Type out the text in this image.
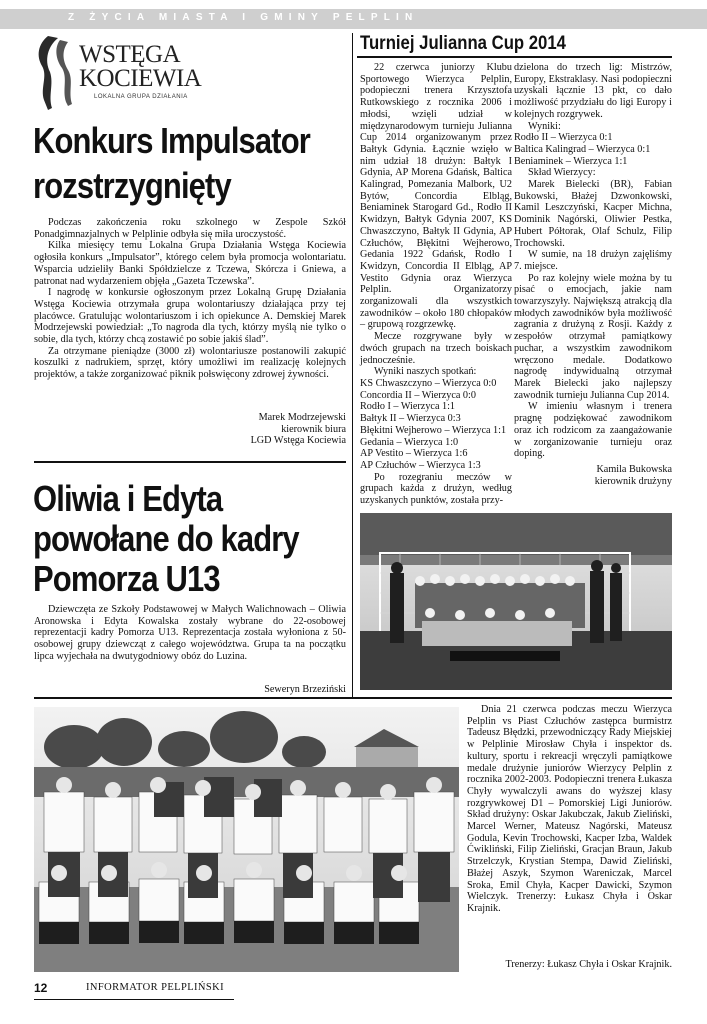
Z ŻYCIA MIASTA I GMINY PELPLIN
WSTĘGA
KOCIEWIA
LOKALNA GRUPA DZIAŁANIA
Konkurs Impulsator
rozstrzygnięty

Podczas zakończenia roku szkolnego w Zespole Szkół Ponadgimnazjalnych w Pelplinie odbyła się miła uroczystość.

Kilka miesięcy temu Lokalna Grupa Działania Wstęga Kociewia ogłosiła konkurs „Impulsator”, którego celem była promocja wolontariatu. Wsparcia udzieliły Banki Spółdzielcze z Tczewa, Skórcza i Gniewa, a patronat nad wydarzeniem objęła „Gazeta Tczewska”.

I nagrodę w konkursie ogłoszonym przez Lokalną Grupę Działania Wstęga Kociewia otrzymała grupa wolontariuszy działająca przy tej placówce. Gratulując wolontariuszom i ich opiekunce A. Demskiej Marek Modrzejewski powiedział: „To nagroda dla tych, którzy myślą nie tylko o sobie, dla tych, którzy chcą zostawić po sobie jakiś ślad”.

Za otrzymane pieniądze (3000 zł) wolontariusze postanowili zakupić koszulki z nadrukiem, sprzęt, który umożliwi im realizację kolejnych projektów, a także zorganizować piknik połswięcony zdrowej żywności.

Marek Modrzejewski
kierownik biura
LGD Wstęga Kociewia
Oliwia i Edyta
powołane do kadry
Pomorza U13

Dziewczęta ze Szkoły Podstawowej w Małych Walichnowach – Oliwia Aronowska i Edyta Kowalska zostały wybrane do 22-osobowej reprezentacji kadry Pomorza U13. Reprezentacja została wyłoniona z 50-osobowej grupy dziewcząt z całego województwa. Grupa ta na początku lipca wyjechała na dwutygodniowy obóz do Luzina.

Seweryn Brzeziński
Turniej Julianna Cup 2014

22 czerwca juniorzy Klubu Sportowego Wierzyca Pelplin, podopieczni trenera Krzysztofa Rutkowskiego z rocznika 2006 i młodsi, wzięli udział w międzynarodowym turnieju Julianna Cup 2014 organizowanym przez Bałtyk Gdynia. Łącznie wzięło w nim udział 18 drużyn: Bałtyk I Gdynia, AP Morena Gdańsk, Baltica Kalingrad, Pomezania Malbork, U2 Bytów, Concordia Elbląg, Beniaminek Starogard Gd., Rodło II Kwidzyn, Bałtyk Gdynia 2007, KS Chwaszczyno, Bałtyk II Gdynia, AP Człuchów, Błękitni Wejherowo, Gedania 1922 Gdańsk, Rodło I Kwidzyn, Concordia II Elbląg, AP Vestito Gdynia oraz Wierzyca Pelplin. Organizatorzy zorganizowali dla wszystkich zawodników – około 180 chłopaków – grupową rozgrzewkę.

Mecze rozgrywane były w dwóch grupach na trzech boiskach jednocześnie.

Wyniki naszych spotkań:

KS Chwaszczyno – Wierzyca 0:0
Concordia II – Wierzyca 0:0
Rodło I – Wierzyca 1:1
Bałtyk II – Wierzyca 0:3
Błękitni Wejherowo – Wierzyca 1:1
Gedania – Wierzyca 1:0
AP Vestito – Wierzyca 1:6
AP Człuchów – Wierzyca 1:3

Po rozegraniu meczów w grupach każda z drużyn, według uzyskanych punktów, została przy-

dzielona do trzech lig: Mistrzów, Europy, Ekstraklasy. Nasi podopieczni uzyskali łącznie 13 pkt, co dało możliwość przydziału do ligi Europy i kolejnych rozgrywek.

Wyniki:

Rodło II – Wierzyca 0:1
Baltica Kalingrad – Wierzyca 0:1
Beniaminek – Wierzyca 1:1

Skład Wierzycy:

Marek Bielecki (BR), Fabian Bukowski, Błażej Dzwonkowski, Kamil Leszczyński, Kacper Michna, Dominik Nagórski, Oliwier Pestka, Hubert Półtorak, Olaf Schulz, Filip Trochowski.

W sumie, na 18 drużyn zajęliśmy 7. miejsce.

Po raz kolejny wiele można by tu pisać o emocjach, jakie nam towarzyszyły. Największą atrakcją dla młodych zawodników była możliwość zagrania z drużyną z Rosji. Każdy z zespołów otrzymał pamiątkowy puchar, a wszystkim zawodnikom wręczono medale. Dodatkowo nagrodę indywidualną otrzymał Marek Bielecki jako najlepszy zawodnik turnieju Julianna Cup 2014.

W imieniu własnym i trenera pragnę podziękować zawodnikom oraz ich rodzicom za zaangażowanie w zorganizowanie turnieju oraz doping.

Kamila Bukowska
kierownik drużyny

Dnia 21 czerwca podczas meczu Wierzyca Pelplin vs Piast Człuchów zastępca burmistrz Tadeusz Błędzki, przewodniczący Rady Miejskiej w Pelplinie Mirosław Chyła i inspektor ds. kultury, sportu i rekreacji wręczyli pamiątkowe medale drużynie juniorów Wierzycy Pelplin z rocznika 2002-2003. Podopieczni trenera Łukasza Chyły wywalczyli awans do wyższej klasy rozgrywkowej D1 – Pomorskiej Ligi Juniorów. Skład drużyny: Oskar Jakubczak, Jakub Zieliński, Marcel Werner, Mateusz Nagórski, Mateusz Godula, Kevin Trochowski, Kacper Izba, Waldek Ćwikliński, Filip Zieliński, Gracjan Braun, Jakub Strzelczyk, Krystian Stempa, Dawid Zieliński, Błażej Aszyk, Szymon Wareniczak, Marcel Sroka, Emil Chyła, Kacper Dawicki, Szymon Wielczyk. Trenerzy: Łukasz Chyła i Oskar Krajnik.

Trenerzy: Łukasz Chyła i Oskar Krajnik.
12	INFORMATOR PELPLIŃSKI
